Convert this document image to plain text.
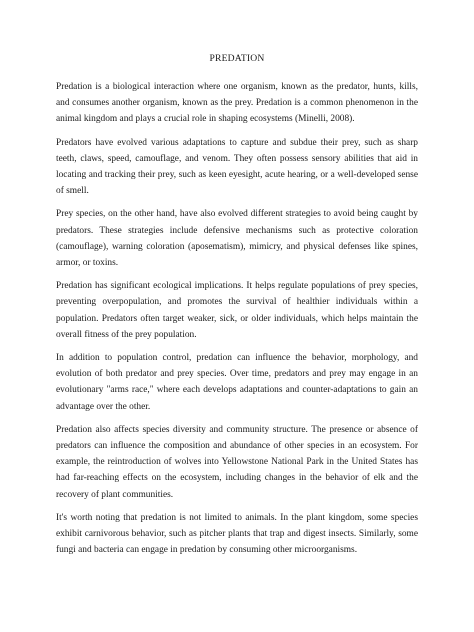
PREDATION

Predation is a biological interaction where one organism, known as the predator, hunts, kills, and consumes another organism, known as the prey. Predation is a common phenomenon in the animal kingdom and plays a crucial role in shaping ecosystems (Minelli, 2008).

Predators have evolved various adaptations to capture and subdue their prey, such as sharp teeth, claws, speed, camouflage, and venom. They often possess sensory abilities that aid in locating and tracking their prey, such as keen eyesight, acute hearing, or a well-developed sense of smell.

Prey species, on the other hand, have also evolved different strategies to avoid being caught by predators. These strategies include defensive mechanisms such as protective coloration (camouflage), warning coloration (aposematism), mimicry, and physical defenses like spines, armor, or toxins.

Predation has significant ecological implications. It helps regulate populations of prey species, preventing overpopulation, and promotes the survival of healthier individuals within a population. Predators often target weaker, sick, or older individuals, which helps maintain the overall fitness of the prey population.

In addition to population control, predation can influence the behavior, morphology, and evolution of both predator and prey species. Over time, predators and prey may engage in an evolutionary "arms race," where each develops adaptations and counter-adaptations to gain an advantage over the other.

Predation also affects species diversity and community structure. The presence or absence of predators can influence the composition and abundance of other species in an ecosystem. For example, the reintroduction of wolves into Yellowstone National Park in the United States has had far-reaching effects on the ecosystem, including changes in the behavior of elk and the recovery of plant communities.

It's worth noting that predation is not limited to animals. In the plant kingdom, some species exhibit carnivorous behavior, such as pitcher plants that trap and digest insects. Similarly, some fungi and bacteria can engage in predation by consuming other microorganisms.
